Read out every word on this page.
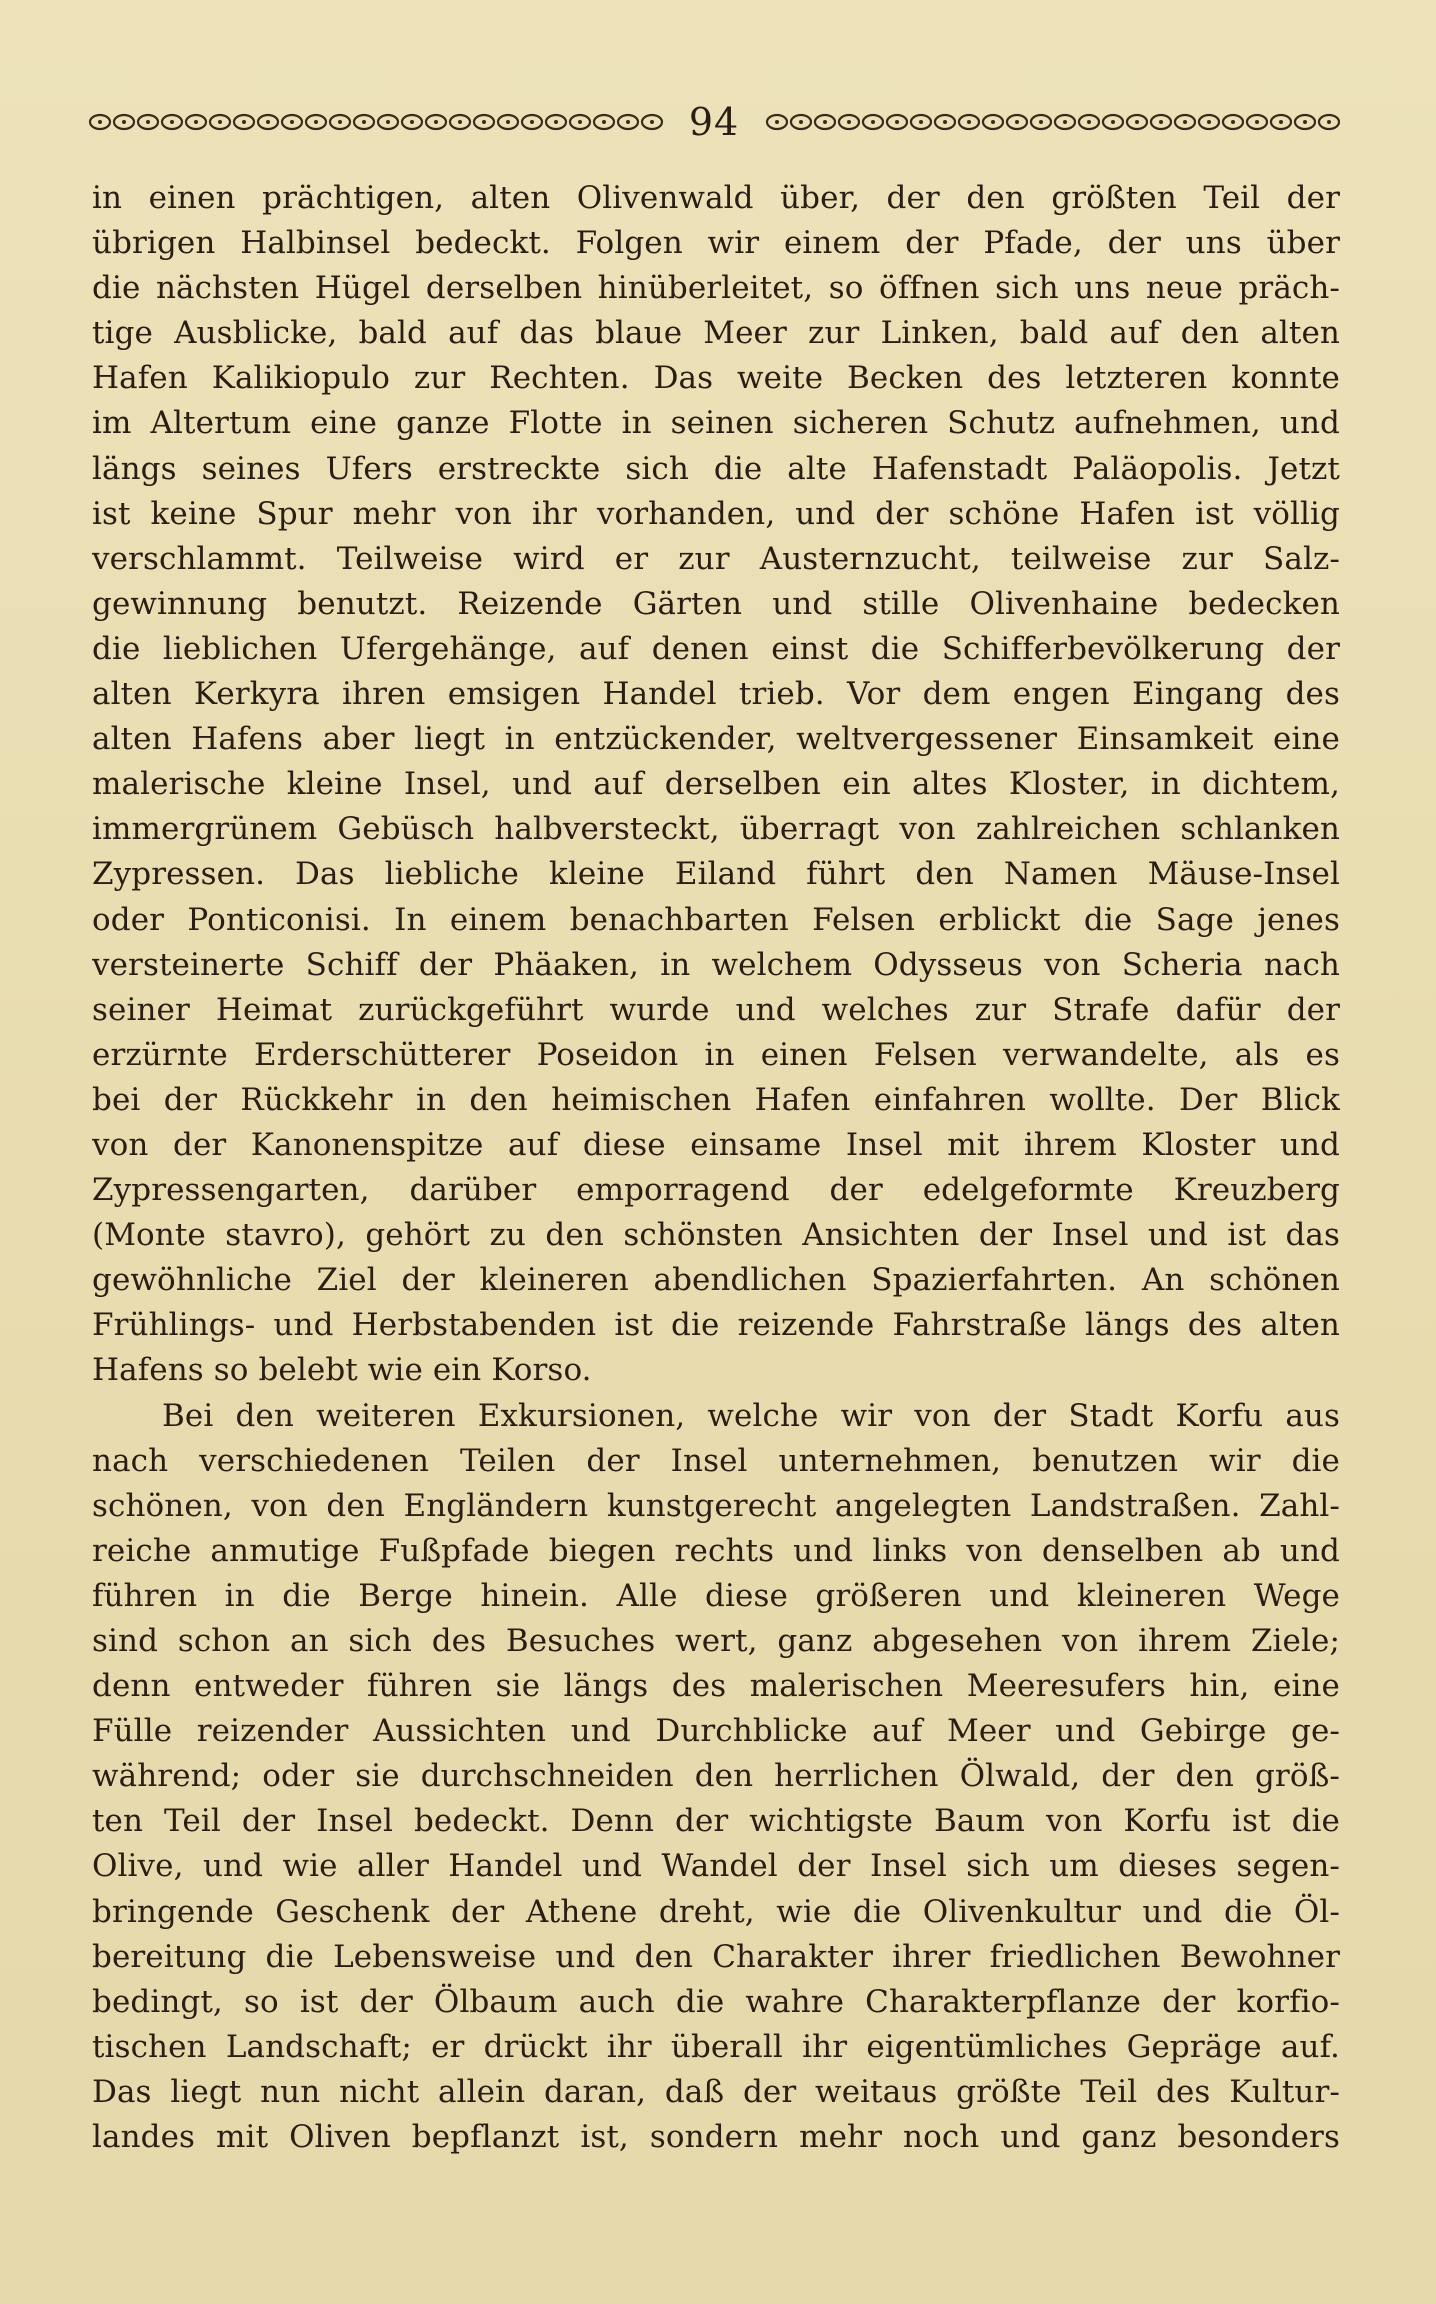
94
in einen prächtigen, alten Olivenwald über, der den größten Teil der
übrigen Halbinsel bedeckt. Folgen wir einem der Pfade, der uns über
die nächsten Hügel derselben hinüberleitet, so öffnen sich uns neue präch-
tige Ausblicke, bald auf das blaue Meer zur Linken, bald auf den alten
Hafen Kalikiopulo zur Rechten. Das weite Becken des letzteren konnte
im Altertum eine ganze Flotte in seinen sicheren Schutz aufnehmen, und
längs seines Ufers erstreckte sich die alte Hafenstadt Paläopolis. Jetzt
ist keine Spur mehr von ihr vorhanden, und der schöne Hafen ist völlig
verschlammt. Teilweise wird er zur Austernzucht, teilweise zur Salz-
gewinnung benutzt. Reizende Gärten und stille Olivenhaine bedecken
die lieblichen Ufergehänge, auf denen einst die Schifferbevölkerung der
alten Kerkyra ihren emsigen Handel trieb. Vor dem engen Eingang des
alten Hafens aber liegt in entzückender, weltvergessener Einsamkeit eine
malerische kleine Insel, und auf derselben ein altes Kloster, in dichtem,
immergrünem Gebüsch halbversteckt, überragt von zahlreichen schlanken
Zypressen. Das liebliche kleine Eiland führt den Namen Mäuse-Insel
oder Ponticonisi. In einem benachbarten Felsen erblickt die Sage jenes
versteinerte Schiff der Phäaken, in welchem Odysseus von Scheria nach
seiner Heimat zurückgeführt wurde und welches zur Strafe dafür der
erzürnte Erderschütterer Poseidon in einen Felsen verwandelte, als es
bei der Rückkehr in den heimischen Hafen einfahren wollte. Der Blick
von der Kanonenspitze auf diese einsame Insel mit ihrem Kloster und
Zypressengarten, darüber emporragend der edelgeformte Kreuzberg
(Monte stavro), gehört zu den schönsten Ansichten der Insel und ist das
gewöhnliche Ziel der kleineren abendlichen Spazierfahrten. An schönen
Frühlings- und Herbstabenden ist die reizende Fahrstraße längs des alten
Hafens so belebt wie ein Korso.
Bei den weiteren Exkursionen, welche wir von der Stadt Korfu aus
nach verschiedenen Teilen der Insel unternehmen, benutzen wir die
schönen, von den Engländern kunstgerecht angelegten Landstraßen. Zahl-
reiche anmutige Fußpfade biegen rechts und links von denselben ab und
führen in die Berge hinein. Alle diese größeren und kleineren Wege
sind schon an sich des Besuches wert, ganz abgesehen von ihrem Ziele;
denn entweder führen sie längs des malerischen Meeresufers hin, eine
Fülle reizender Aussichten und Durchblicke auf Meer und Gebirge ge-
während; oder sie durchschneiden den herrlichen Ölwald, der den größ-
ten Teil der Insel bedeckt. Denn der wichtigste Baum von Korfu ist die
Olive, und wie aller Handel und Wandel der Insel sich um dieses segen-
bringende Geschenk der Athene dreht, wie die Olivenkultur und die Öl-
bereitung die Lebensweise und den Charakter ihrer friedlichen Bewohner
bedingt, so ist der Ölbaum auch die wahre Charakterpflanze der korfio-
tischen Landschaft; er drückt ihr überall ihr eigentümliches Gepräge auf.
Das liegt nun nicht allein daran, daß der weitaus größte Teil des Kultur-
landes mit Oliven bepflanzt ist, sondern mehr noch und ganz besonders
